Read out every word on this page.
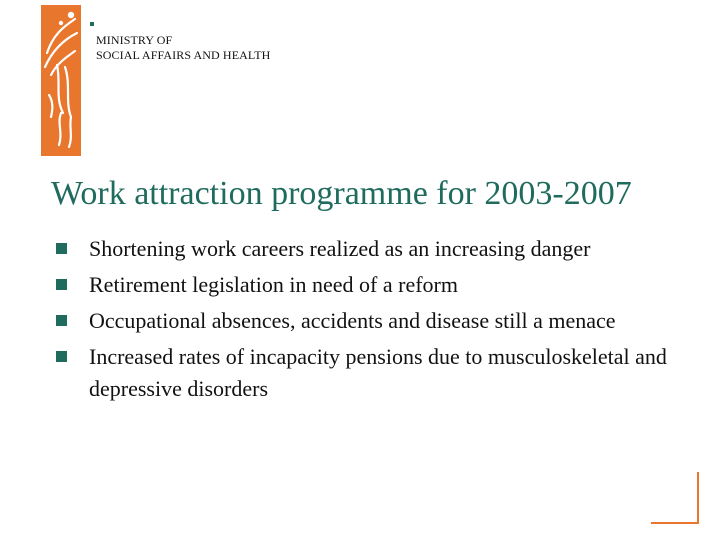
MINISTRY OF
SOCIAL AFFAIRS AND HEALTH
Work attraction programme for 2003-2007
Shortening work careers realized as an increasing danger
Retirement legislation in need of a reform
Occupational absences, accidents and disease still a menace
Increased rates of incapacity pensions due to musculoskeletal and depressive disorders
